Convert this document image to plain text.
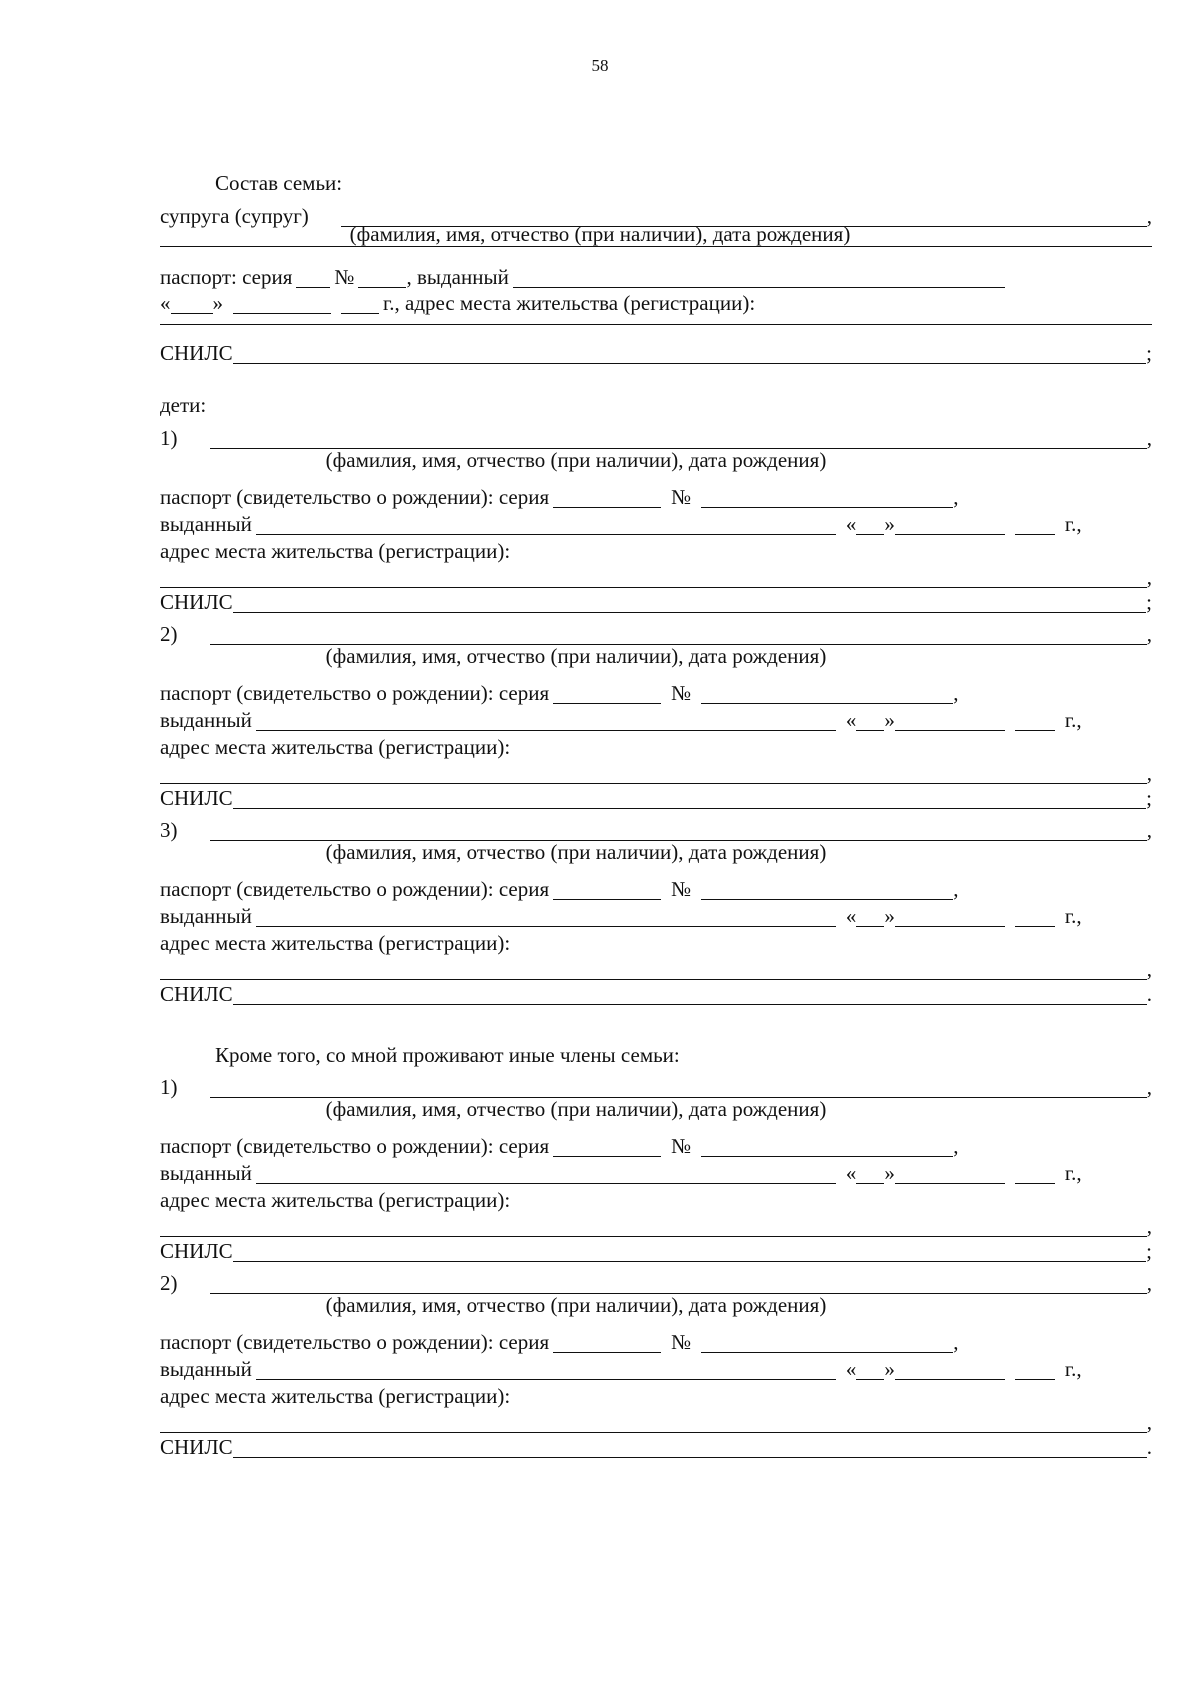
58
Состав семьи:
супруга (супруг)	,
(фамилия, имя, отчество (при наличии), дата рождения)
паспорт: серия № , выданный
« »	г., адрес места жительства (регистрации):
СНИЛС	;
дети:
1)	,
(фамилия, имя, отчество (при наличии), дата рождения)
паспорт (свидетельство о рождении): серия	№	,
выданный	« »	г.,
адрес места жительства (регистрации):
,
СНИЛС	;
2)	,
(фамилия, имя, отчество (при наличии), дата рождения)
паспорт (свидетельство о рождении): серия	№	,
выданный	« »	г.,
адрес места жительства (регистрации):
,
СНИЛС	;
3)	,
(фамилия, имя, отчество (при наличии), дата рождения)
паспорт (свидетельство о рождении): серия	№	,
выданный	« »	г.,
адрес места жительства (регистрации):
,
СНИЛС	.
Кроме того, со мной проживают иные члены семьи:
1)	,
(фамилия, имя, отчество (при наличии), дата рождения)
паспорт (свидетельство о рождении): серия	№	,
выданный	« »	г.,
адрес места жительства (регистрации):
,
СНИЛС	;
2)	,
(фамилия, имя, отчество (при наличии), дата рождения)
паспорт (свидетельство о рождении): серия	№	,
выданный	« »	г.,
адрес места жительства (регистрации):
,
СНИЛС	.
